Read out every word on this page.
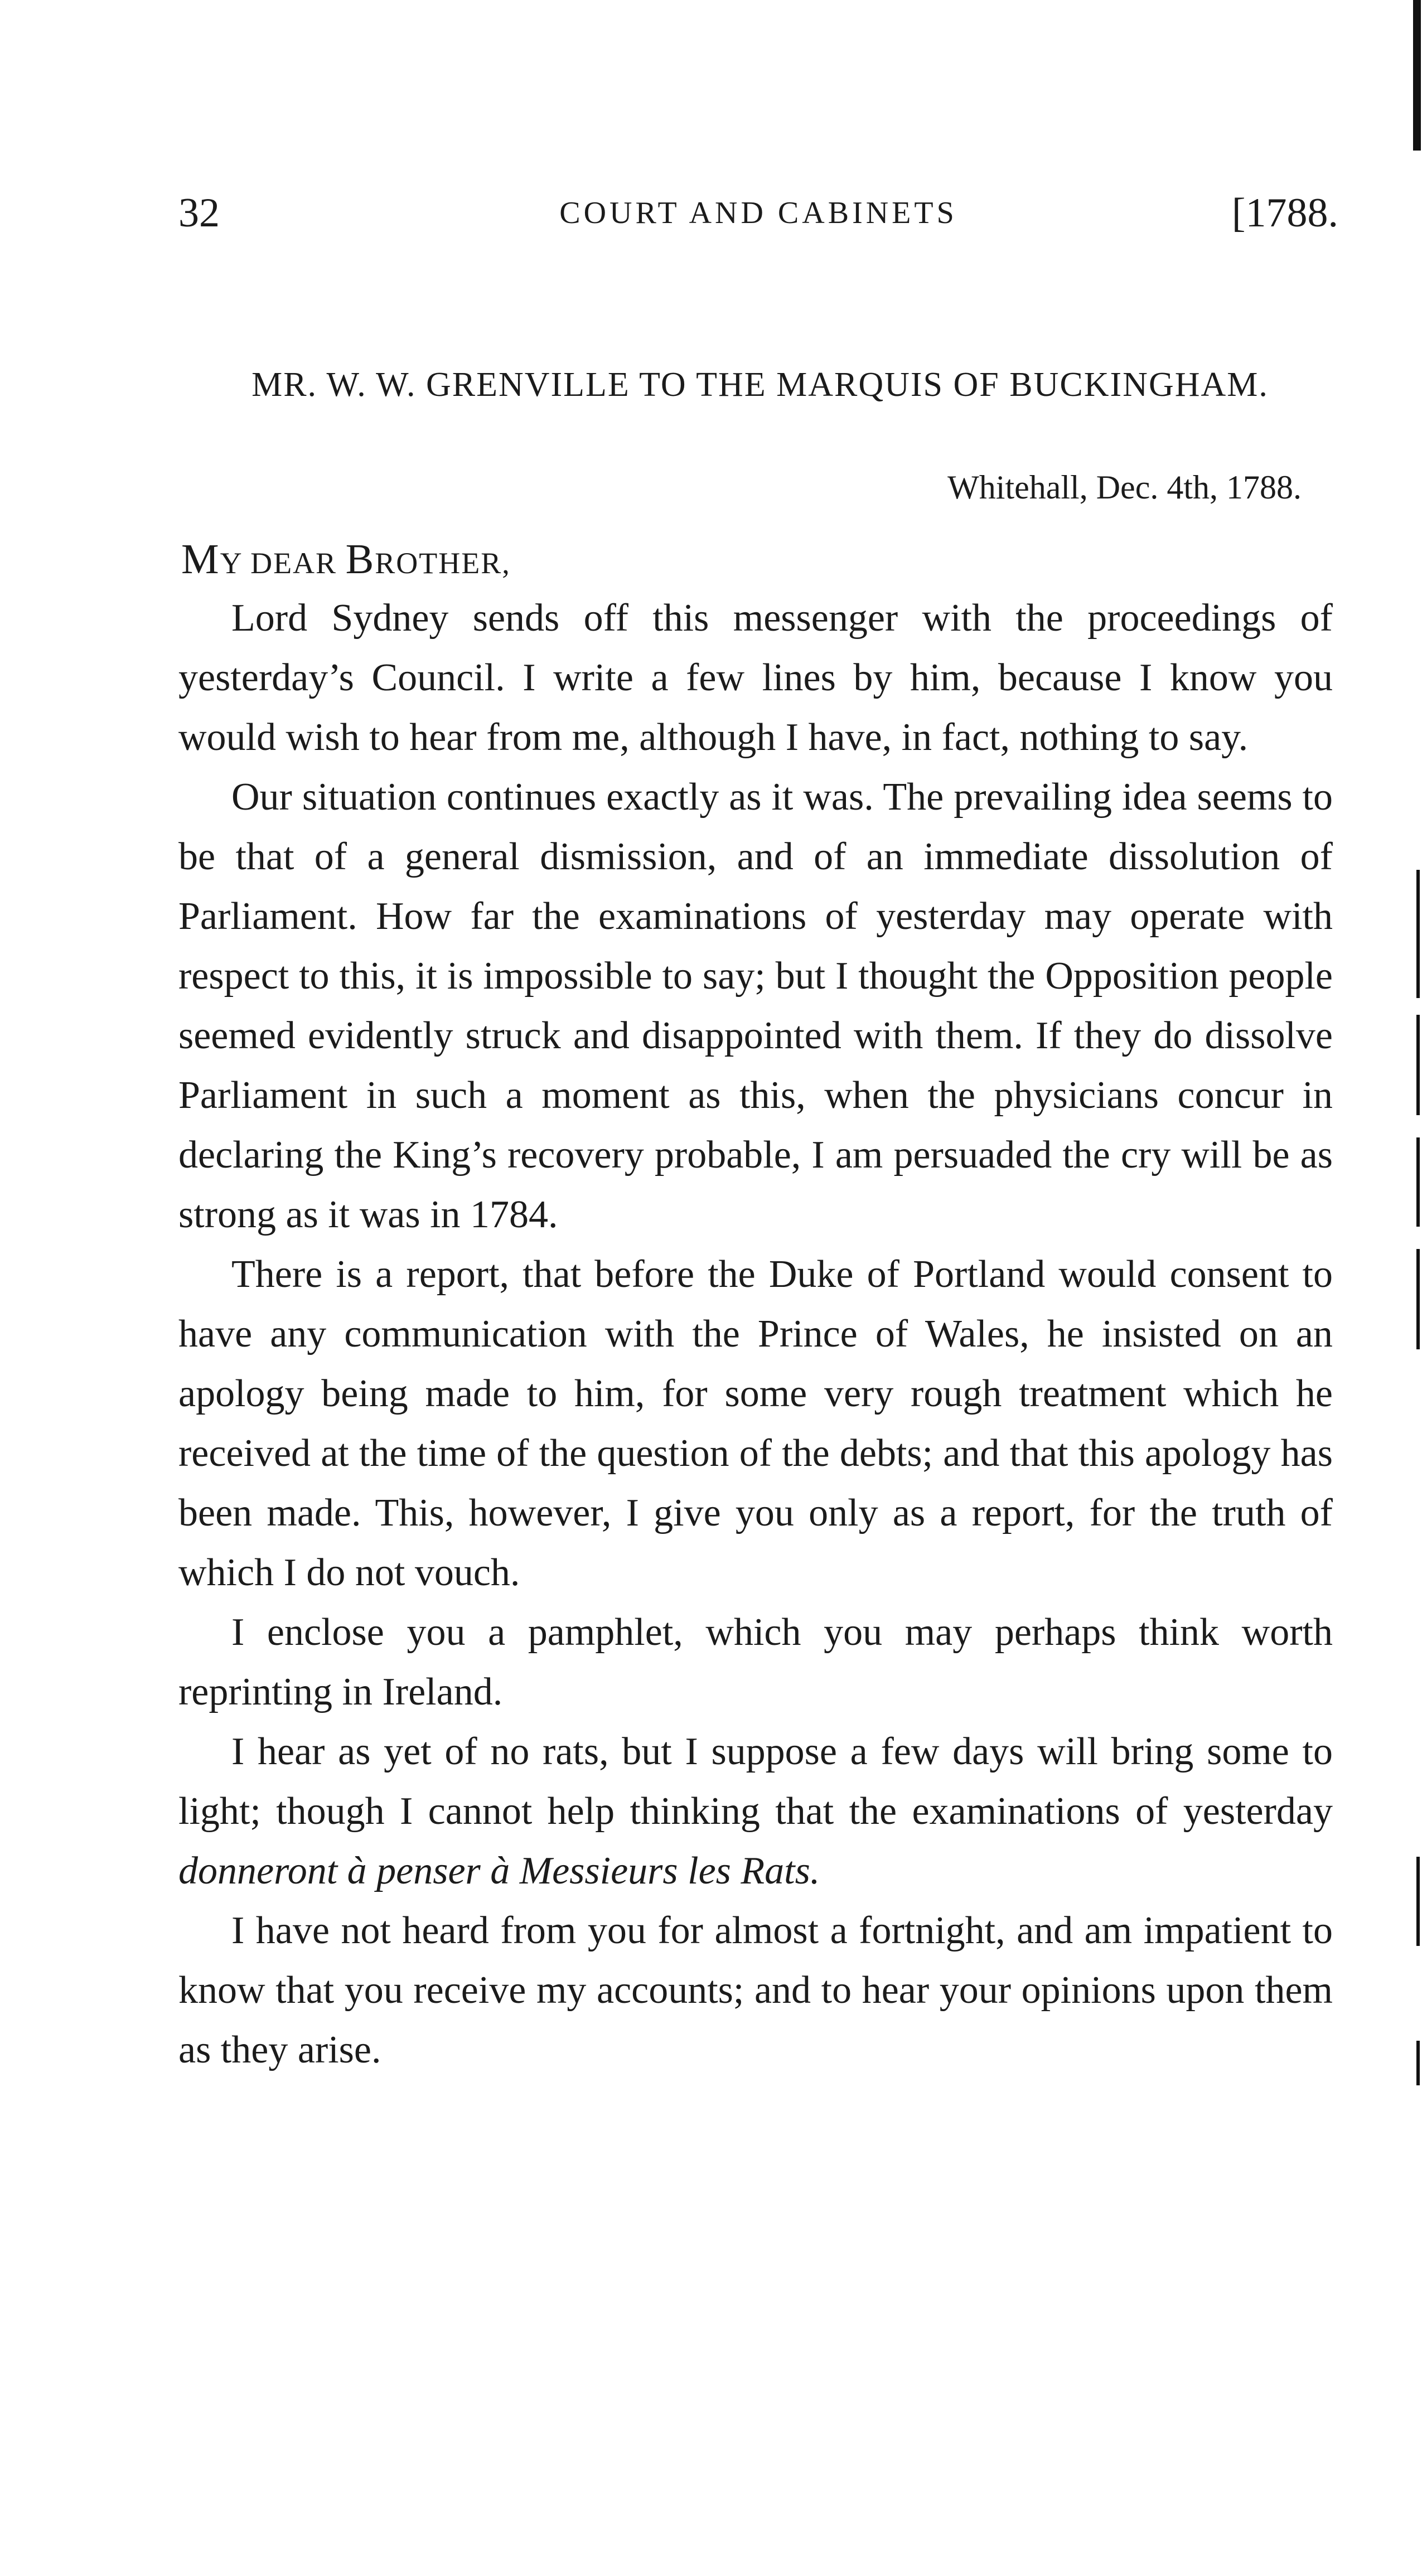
32	COURT AND CABINETS	[1788.
MR. W. W. GRENVILLE TO THE MARQUIS OF BUCKINGHAM.
Whitehall, Dec. 4th, 1788.
MY DEAR BROTHER,

Lord Sydney sends off this messenger with the proceedings of yesterday’s Council. I write a few lines by him, because I know you would wish to hear from me, although I have, in fact, nothing to say.

Our situation continues exactly as it was. The prevailing idea seems to be that of a general dismission, and of an immediate dissolution of Parliament. How far the examinations of yesterday may operate with respect to this, it is impossible to say; but I thought the Opposition people seemed evidently struck and disappointed with them. If they do dissolve Parliament in such a moment as this, when the physicians concur in declaring the King’s recovery probable, I am persuaded the cry will be as strong as it was in 1784.

There is a report, that before the Duke of Portland would consent to have any communication with the Prince of Wales, he insisted on an apology being made to him, for some very rough treatment which he received at the time of the question of the debts; and that this apology has been made. This, however, I give you only as a report, for the truth of which I do not vouch.

I enclose you a pamphlet, which you may perhaps think worth reprinting in Ireland.

I hear as yet of no rats, but I suppose a few days will bring some to light; though I cannot help thinking that the examinations of yesterday donneront à penser à Messieurs les Rats.

I have not heard from you for almost a fortnight, and am impatient to know that you receive my accounts; and to hear your opinions upon them as they arise.
